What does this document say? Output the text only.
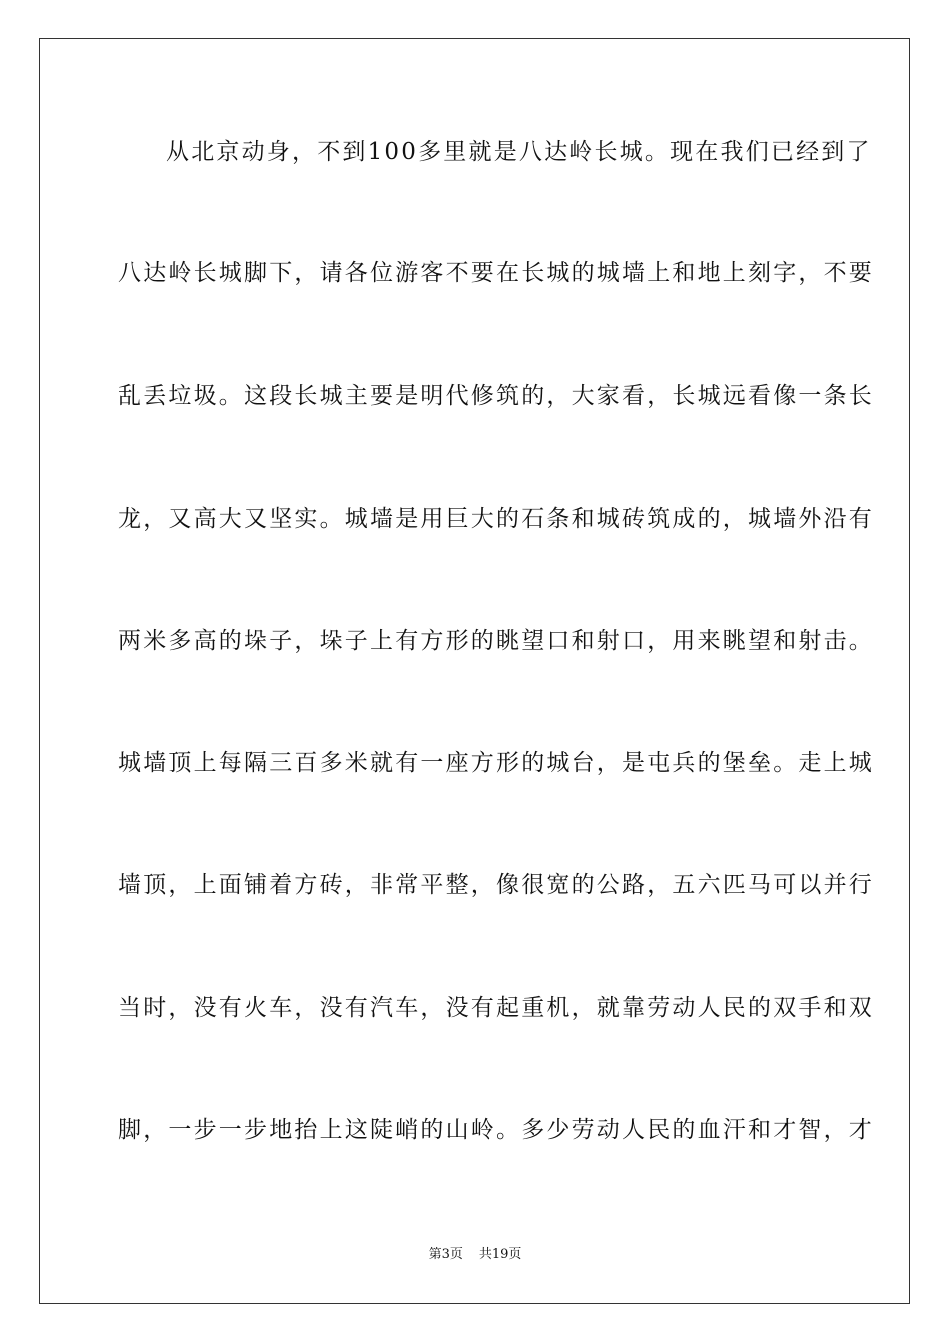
从北京动身，不到100多里就是八达岭长城。现在我们已经到了
八达岭长城脚下，请各位游客不要在长城的城墙上和地上刻字，不要
乱丢垃圾。这段长城主要是明代修筑的，大家看，长城远看像一条长
龙，又高大又坚实。城墙是用巨大的石条和城砖筑成的，城墙外沿有
两米多高的垛子，垛子上有方形的眺望口和射口，用来眺望和射击。
城墙顶上每隔三百多米就有一座方形的城台，是屯兵的堡垒。走上城
墙顶，上面铺着方砖，非常平整，像很宽的公路，五六匹马可以并行
当时，没有火车，没有汽车，没有起重机，就靠劳动人民的双手和双
脚，一步一步地抬上这陡峭的山岭。多少劳动人民的血汗和才智，才
第3页 共19页
